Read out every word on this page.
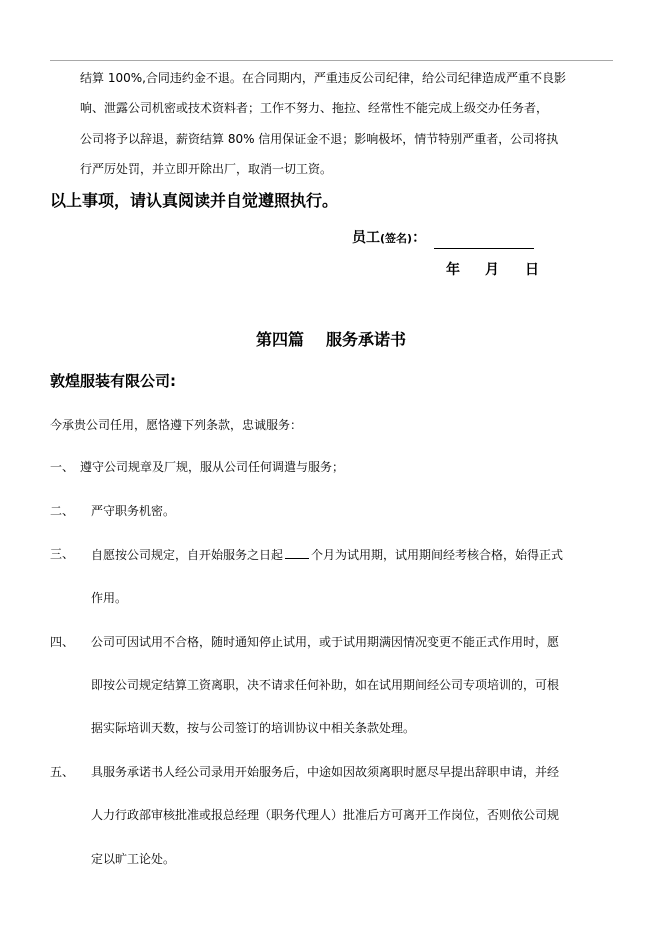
结算 100%,合同违约金不退。在合同期内，严重违反公司纪律，给公司纪律造成严重不良影
响、泄露公司机密或技术资料者；工作不努力、拖拉、经常性不能完成上级交办任务者，
公司将予以辞退，薪资结算 80% 信用保证金不退；影响极坏，情节特别严重者，公司将执
行严厉处罚，并立即开除出厂，取消一切工资。
以上事项，请认真阅读并自觉遵照执行。
员工(签名)：
年 月 日
第四篇 服务承诺书
敦煌服装有限公司:
今承贵公司任用，愿恪遵下列条款，忠诚服务：
一、 遵守公司规章及厂规，服从公司任何调遣与服务；
二、 严守职务机密。
三、 自愿按公司规定，自开始服务之日起 个月为试用期，试用期间经考核合格，始得正式
作用。
四、 公司可因试用不合格，随时通知停止试用，或于试用期满因情况变更不能正式作用时，愿
即按公司规定结算工资离职，决不请求任何补助，如在试用期间经公司专项培训的，可根
据实际培训天数，按与公司签订的培训协议中相关条款处理。
五、 具服务承诺书人经公司录用开始服务后，中途如因故须离职时愿尽早提出辞职申请，并经
人力行政部审核批准或报总经理（职务代理人）批准后方可离开工作岗位，否则依公司规
定以旷工论处。
